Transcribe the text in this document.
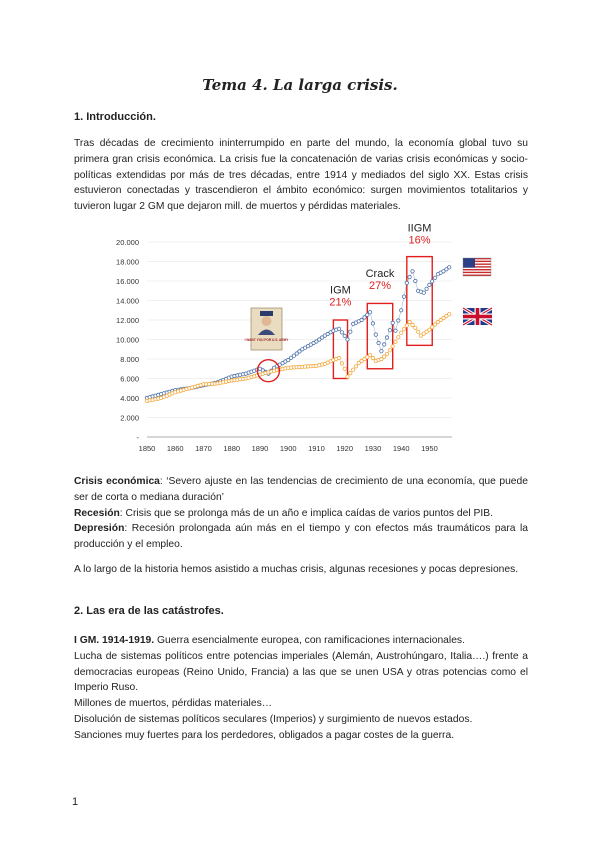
Tema 4. La larga crisis.
1. Introducción.
Tras décadas de crecimiento ininterrumpido en parte del mundo, la economía global tuvo su primera gran crisis económica. La crisis fue la concatenación de varias crisis económicas y socio-políticas extendidas por más de tres décadas, entre 1914 y mediados del siglo XX. Estas crisis estuvieron conectadas y trascendieron el ámbito económico: surgen movimientos totalitarios y tuvieron lugar 2 GM que dejaron mill. de muertos y pérdidas materiales.
-
2.000
4.000
6.000
8.000
10.000
12.000
14.000
16.000
18.000
20.000
1850 1860 1870 1880 1890 1900 1910 1920 1930 1940 1950
IGM
21%
Crack
27%
IIGM
16%
I WANT YOU FOR U.S. ARMY
Crisis económica: ‘Severo ajuste en las tendencias de crecimiento de una economía, que puede ser de corta o mediana duración’
Recesión: Crisis que se prolonga más de un año e implica caídas de varios puntos del PIB.
Depresión: Recesión prolongada aún más en el tiempo y con efectos más traumáticos para la producción y el empleo.
A lo largo de la historia hemos asistido a muchas crisis, algunas recesiones y pocas depresiones.
2. Las era de las catástrofes.
I GM. 1914-1919. Guerra esencialmente europea, con ramificaciones internacionales.
Lucha de sistemas políticos entre potencias imperiales (Alemán, Austrohúngaro, Italia….) frente a democracias europeas (Reino Unido, Francia) a las que se unen USA y otras potencias como el Imperio Ruso.
Millones de muertos, pérdidas materiales…
Disolución de sistemas políticos seculares (Imperios) y surgimiento de nuevos estados.
Sanciones muy fuertes para los perdedores, obligados a pagar costes de la guerra.
1
